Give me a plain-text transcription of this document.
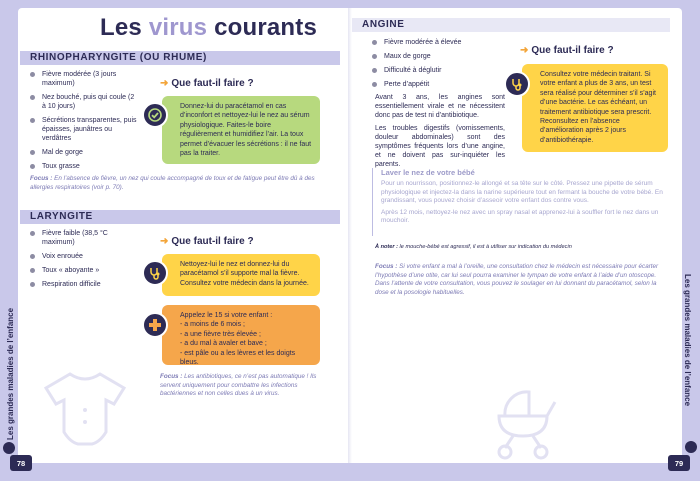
Les virus courants
RHINOPHARYNGITE (OU RHUME)
Fièvre modérée (3 jours maximum)
Nez bouché, puis qui coule (2 à 10 jours)
Sécrétions transparentes, puis épaisses, jaunâtres ou verdâtres
Mal de gorge
Toux grasse
➜ Que faut-il faire ?
Donnez-lui du paracétamol en cas d’inconfort et nettoyez-lui le nez au sérum physiologique. Faites-le boire régulièrement et humidifiez l’air. La toux permet d’évacuer les sécrétions : il ne faut pas la traiter.
Focus : En l’absence de fièvre, un nez qui coule accompagné de toux et de fatigue peut être dû à des allergies respiratoires (voir p. 70).
LARYNGITE
Fièvre faible (38,5 °C maximum)
Voix enrouée
Toux « aboyante »
Respiration difficile
➜ Que faut-il faire ?
Nettoyez-lui le nez et donnez-lui du paracétamol s’il supporte mal la fièvre. Consultez votre médecin dans la journée.
Appelez le 15 si votre enfant :
- a moins de 6 mois ;
- a une fièvre très élevée ;
- a du mal à avaler et bave ;
- est pâle ou a les lèvres et les doigts bleus.
Focus : Les antibiotiques, ce n’est pas automatique ! Ils servent uniquement pour combattre les infections bactériennes et non celles dues à un virus.
78
Les grandes maladies de l’enfance
ANGINE
Fièvre modérée à élevée
Maux de gorge
Difficulté à déglutir
Perte d’appétit
Avant 3 ans, les angines sont essentiellement virale et ne nécessitent donc pas de test ni d’antibiotique.
Les troubles digestifs (vomissements, douleur abdominales) sont des symptômes fréquents lors d’une angine, et ne doivent pas sur-inquiéter les parents.
➜ Que faut-il faire ?
Consultez votre médecin traitant. Si votre enfant a plus de 3 ans, un test sera réalisé pour déterminer s’il s’agit d’une bactérie. Le cas échéant, un traitement antibiotique sera prescrit. Reconsultez en l’absence d’amélioration après 2 jours d’antibiothérapie.
Laver le nez de votre bébé
Pour un nourrisson, positionnez-le allongé et sa tête sur le côté. Pressez une pipette de sérum physiologique et injectez-la dans la narine supérieure tout en fermant la bouche de votre bébé. En grandissant, vous pouvez choisir d’asseoir votre enfant dos contre vous.
Après 12 mois, nettoyez-le nez avec un spray nasal et apprenez-lui à souffler fort le nez dans un mouchoir.
À noter : le mouche-bébé est agressif, il est à utiliser sur indication du médecin
Focus : Si votre enfant a mal à l’oreille, une consultation chez le médecin est nécessaire pour écarter l’hypothèse d’une otite, car lui seul pourra examiner le tympan de votre enfant à l’aide d’un otoscope. Dans l’attente de votre consultation, vous pouvez le soulager en lui donnant du paracétamol, selon la dose et la posologie habituelles.
79
Les grandes maladies de l’enfance
